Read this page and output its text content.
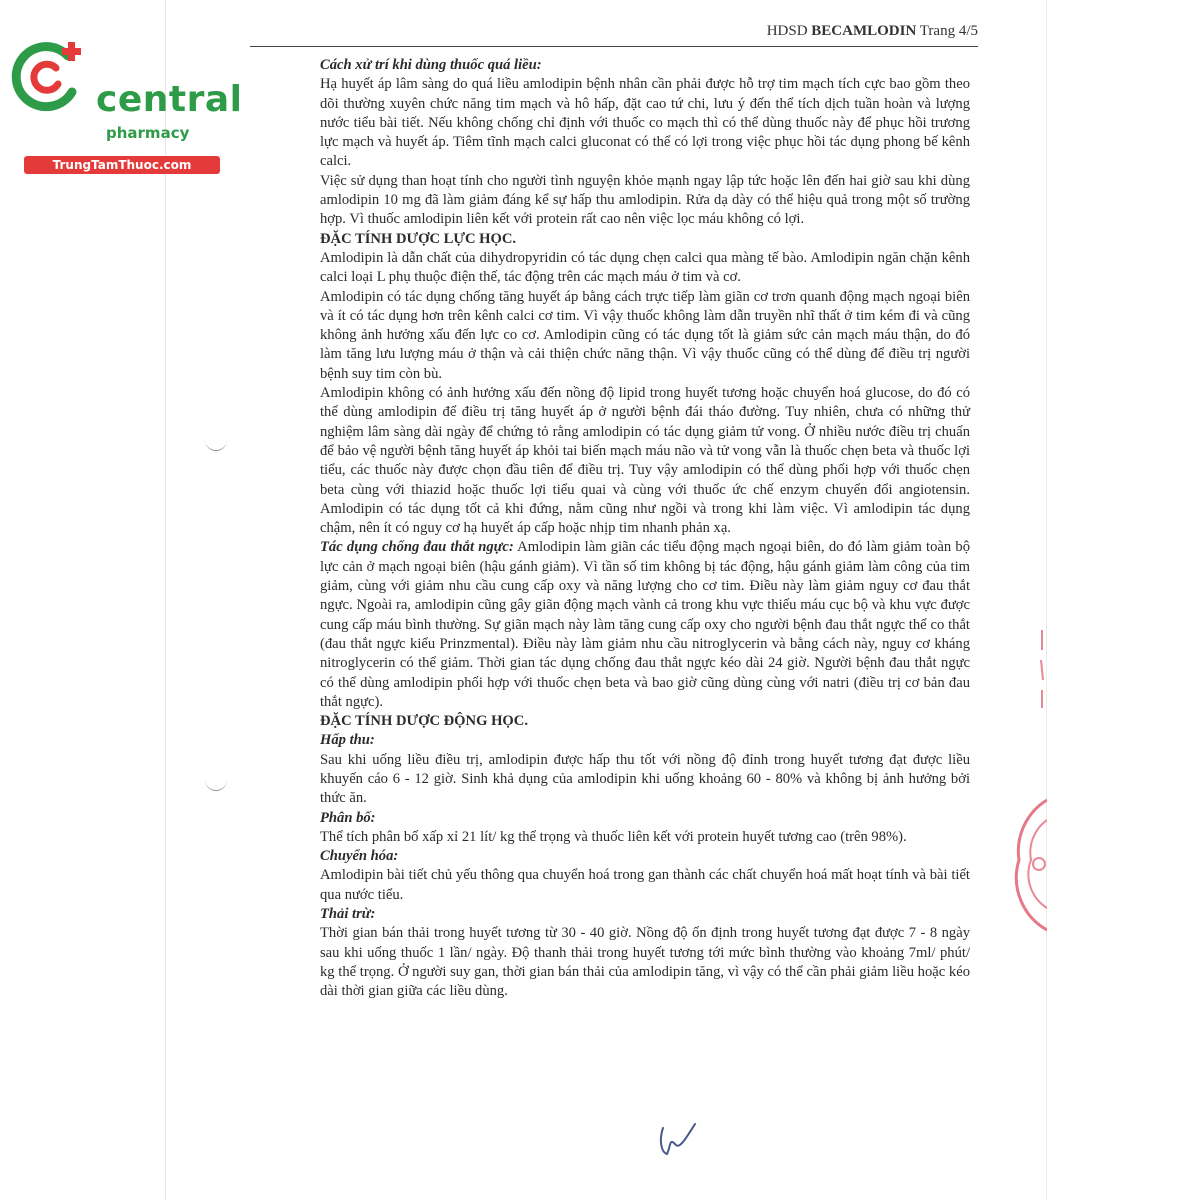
central
pharmacy
TrungTamThuoc.com
HDSD BECAMLODIN Trang 4/5

Cách xử trí khi dùng thuốc quá liều:

Hạ huyết áp lâm sàng do quá liều amlodipin bệnh nhân cần phải được hỗ trợ tim mạch tích cực bao gồm theo dõi thường xuyên chức năng tim mạch và hô hấp, đặt cao tứ chi, lưu ý đến thể tích dịch tuần hoàn và lượng nước tiểu bài tiết. Nếu không chống chỉ định với thuốc co mạch thì có thể dùng thuốc này để phục hồi trương lực mạch và huyết áp. Tiêm tĩnh mạch calci gluconat có thể có lợi trong việc phục hồi tác dụng phong bế kênh calci.

Việc sử dụng than hoạt tính cho người tình nguyện khỏe mạnh ngay lập tức hoặc lên đến hai giờ sau khi dùng amlodipin 10 mg đã làm giảm đáng kể sự hấp thu amlodipin. Rửa dạ dày có thể hiệu quả trong một số trường hợp. Vì thuốc amlodipin liên kết với protein rất cao nên việc lọc máu không có lợi.

ĐẶC TÍNH DƯỢC LỰC HỌC.

Amlodipin là dẫn chất của dihydropyridin có tác dụng chẹn calci qua màng tế bào. Amlodipin ngăn chặn kênh calci loại L phụ thuộc điện thế, tác động trên các mạch máu ở tim và cơ.

Amlodipin có tác dụng chống tăng huyết áp bằng cách trực tiếp làm giãn cơ trơn quanh động mạch ngoại biên và ít có tác dụng hơn trên kênh calci cơ tim. Vì vậy thuốc không làm dẫn truyền nhĩ thất ở tim kém đi và cũng không ảnh hưởng xấu đến lực co cơ. Amlodipin cũng có tác dụng tốt là giảm sức cản mạch máu thận, do đó làm tăng lưu lượng máu ở thận và cải thiện chức năng thận. Vì vậy thuốc cũng có thể dùng để điều trị người bệnh suy tim còn bù.

Amlodipin không có ảnh hưởng xấu đến nồng độ lipid trong huyết tương hoặc chuyển hoá glucose, do đó có thể dùng amlodipin để điều trị tăng huyết áp ở người bệnh đái tháo đường. Tuy nhiên, chưa có những thử nghiệm lâm sàng dài ngày để chứng tỏ rằng amlodipin có tác dụng giảm tử vong. Ở nhiều nước điều trị chuẩn để bảo vệ người bệnh tăng huyết áp khỏi tai biến mạch máu não và tử vong vẫn là thuốc chẹn beta và thuốc lợi tiểu, các thuốc này được chọn đầu tiên để điều trị. Tuy vậy amlodipin có thể dùng phối hợp với thuốc chẹn beta cùng với thiazid hoặc thuốc lợi tiểu quai và cùng với thuốc ức chế enzym chuyển đổi angiotensin. Amlodipin có tác dụng tốt cả khi đứng, nằm cũng như ngồi và trong khi làm việc. Vì amlodipin tác dụng chậm, nên ít có nguy cơ hạ huyết áp cấp hoặc nhịp tim nhanh phản xạ.

Tác dụng chống đau thắt ngực: Amlodipin làm giãn các tiểu động mạch ngoại biên, do đó làm giảm toàn bộ lực cản ở mạch ngoại biên (hậu gánh giảm). Vì tần số tim không bị tác động, hậu gánh giảm làm công của tim giảm, cùng với giảm nhu cầu cung cấp oxy và năng lượng cho cơ tim. Điều này làm giảm nguy cơ đau thắt ngực. Ngoài ra, amlodipin cũng gây giãn động mạch vành cả trong khu vực thiếu máu cục bộ và khu vực được cung cấp máu bình thường. Sự giãn mạch này làm tăng cung cấp oxy cho người bệnh đau thắt ngực thể co thắt (đau thắt ngực kiểu Prinzmental). Điều này làm giảm nhu cầu nitroglycerin và bằng cách này, nguy cơ kháng nitroglycerin có thể giảm. Thời gian tác dụng chống đau thắt ngực kéo dài 24 giờ. Người bệnh đau thắt ngực có thể dùng amlodipin phối hợp với thuốc chẹn beta và bao giờ cũng dùng cùng với natri (điều trị cơ bản đau thắt ngực).

ĐẶC TÍNH DƯỢC ĐỘNG HỌC.

Hấp thu:

Sau khi uống liều điều trị, amlodipin được hấp thu tốt với nồng độ đỉnh trong huyết tương đạt được liều khuyến cáo 6 - 12 giờ. Sinh khả dụng của amlodipin khi uống khoảng 60 - 80% và không bị ảnh hưởng bởi thức ăn.

Phân bố:

Thể tích phân bố xấp xỉ 21 lít/ kg thể trọng và thuốc liên kết với protein huyết tương cao (trên 98%).

Chuyển hóa:

Amlodipin bài tiết chủ yếu thông qua chuyển hoá trong gan thành các chất chuyển hoá mất hoạt tính và bài tiết qua nước tiểu.

Thải trừ:

Thời gian bán thải trong huyết tương từ 30 - 40 giờ. Nồng độ ổn định trong huyết tương đạt được 7 - 8 ngày sau khi uống thuốc 1 lần/ ngày. Độ thanh thải trong huyết tương tới mức bình thường vào khoảng 7ml/ phút/ kg thể trọng. Ở người suy gan, thời gian bán thải của amlodipin tăng, vì vậy có thể cần phải giảm liều hoặc kéo dài thời gian giữa các liều dùng.
